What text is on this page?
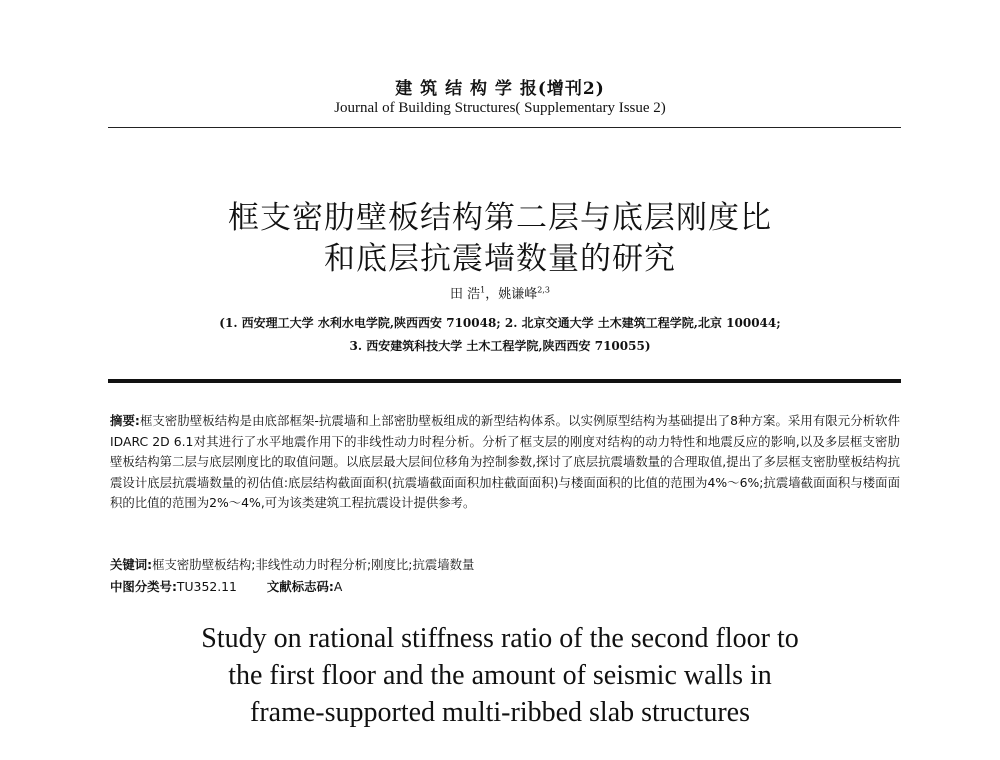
建 筑 结 构 学 报(增刊2)
Journal of Building Structures( Supplementary Issue 2)
框支密肋壁板结构第二层与底层刚度比
和底层抗震墙数量的研究
田 浩$^1$，姚谦峰$^{2,3}$
(1. 西安理工大学 水利水电学院,陕西西安 710048; 2. 北京交通大学 土木建筑工程学院,北京 100044;
3. 西安建筑科技大学 土木工程学院,陕西西安 710055)
摘要:框支密肋壁板结构是由底部框架-抗震墙和上部密肋壁板组成的新型结构体系。以实例原型结构为基础提出了8种方案。采用有限元分析软件IDARC 2D 6.1对其进行了水平地震作用下的非线性动力时程分析。分析了框支层的刚度对结构的动力特性和地震反应的影响,以及多层框支密肋壁板结构第二层与底层刚度比的取值问题。以底层最大层间位移角为控制参数,探讨了底层抗震墙数量的合理取值,提出了多层框支密肋壁板结构抗震设计底层抗震墙数量的初估值:底层结构截面面积(抗震墙截面面积加柱截面面积)与楼面面积的比值的范围为4%～6%;抗震墙截面面积与楼面面积的比值的范围为2%～4%,可为该类建筑工程抗震设计提供参考。
关键词:框支密肋壁板结构;非线性动力时程分析;刚度比;抗震墙数量
中图分类号:TU352.11 文献标志码:A
Study on rational stiffness ratio of the second floor to
the first floor and the amount of seismic walls in
frame-supported multi-ribbed slab structures
